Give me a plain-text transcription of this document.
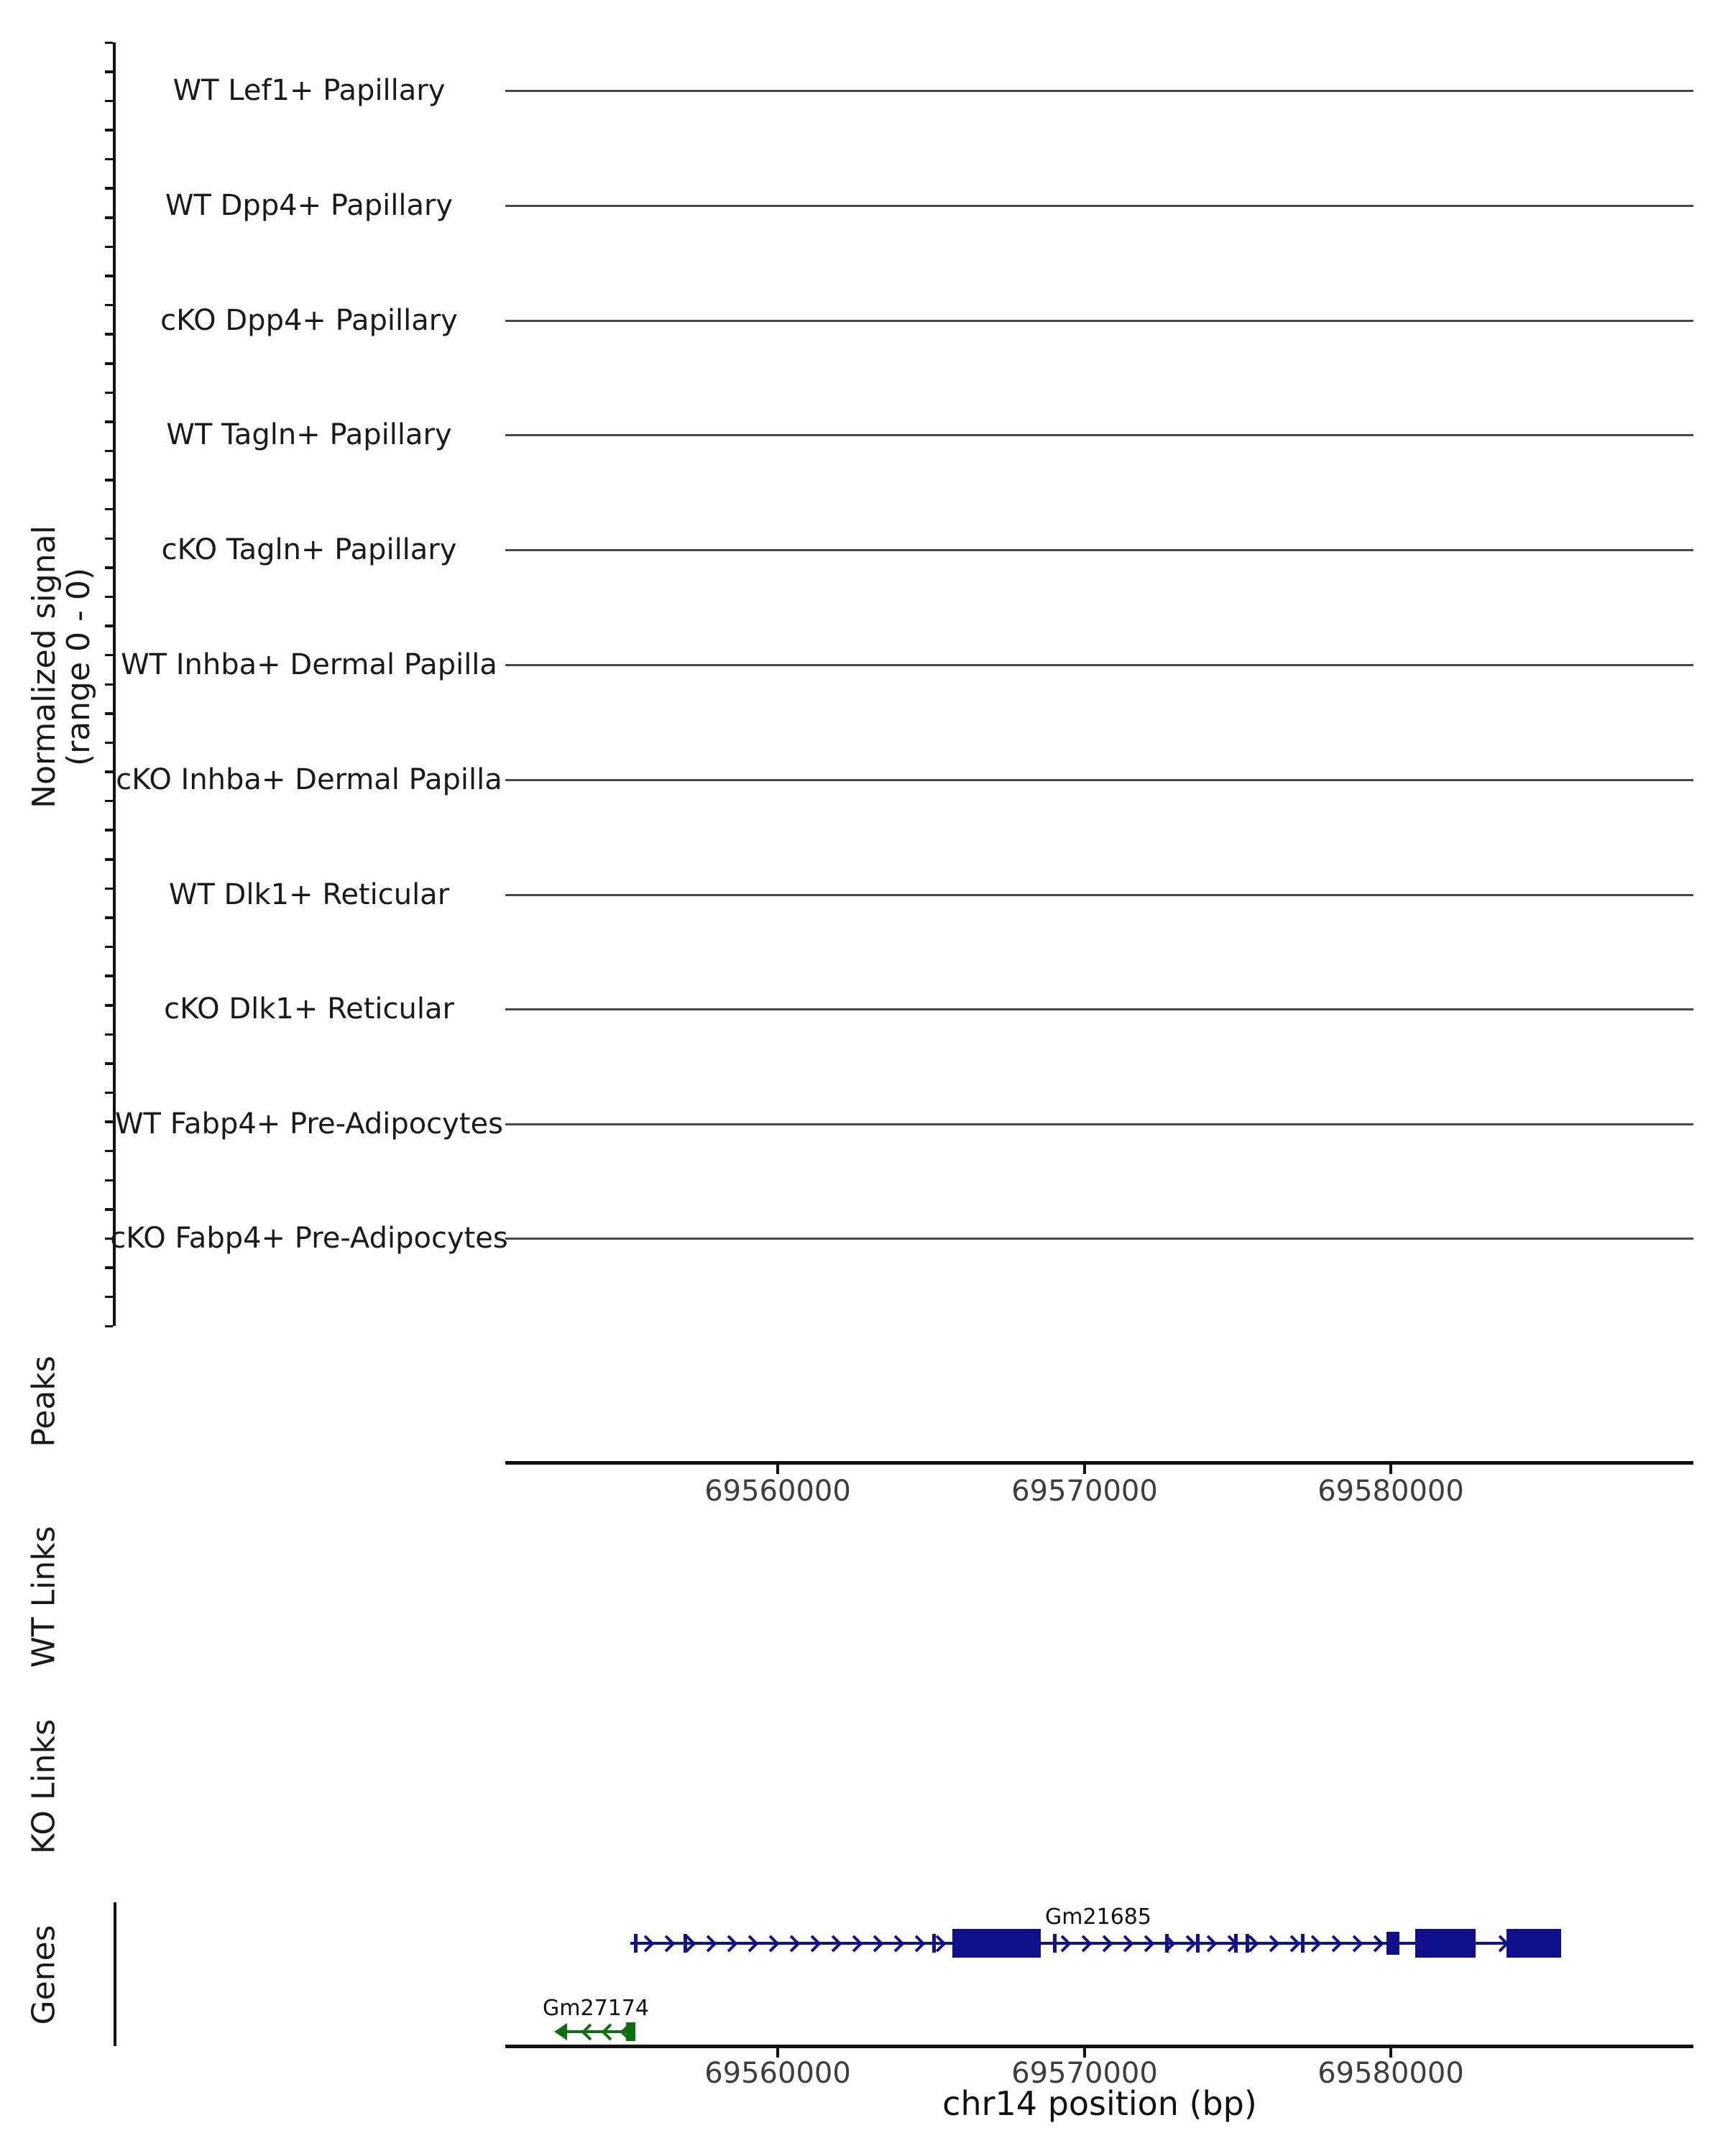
Normalized signal
(range 0 - 0)
Peaks
WT Links
KO Links
Genes
chr14 position (bp)
WT Lef1+ Papillary
WT Dpp4+ Papillary
cKO Dpp4+ Papillary
WT Tagln+ Papillary
cKO Tagln+ Papillary
WT Inhba+ Dermal Papilla
cKO Inhba+ Dermal Papilla
WT Dlk1+ Reticular
cKO Dlk1+ Reticular
WT Fabp4+ Pre-Adipocytes
cKO Fabp4+ Pre-Adipocytes
69560000	69570000	69580000
69560000	69570000	69580000
Gm21685
Gm27174
